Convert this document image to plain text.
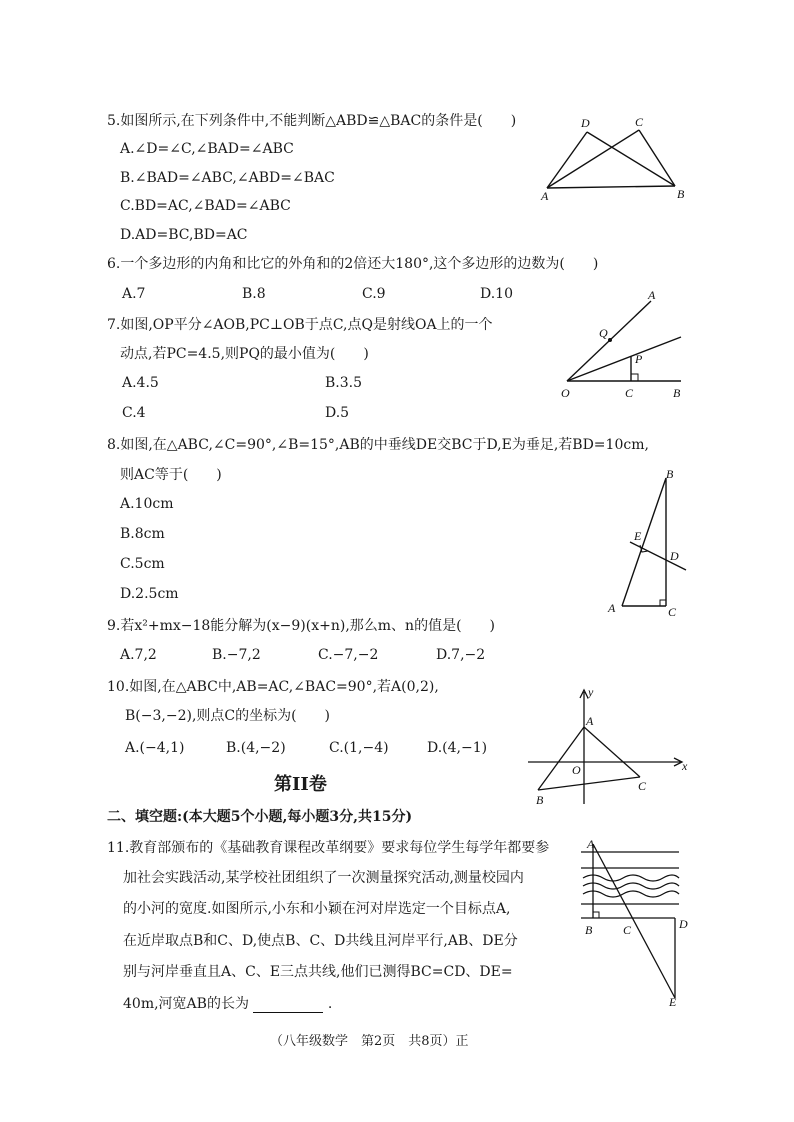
5.如图所示,在下列条件中,不能判断△ABD≌△BAC的条件是(　　)
A.∠D=∠C,∠BAD=∠ABC
B.∠BAD=∠ABC,∠ABD=∠BAC
C.BD=AC,∠BAD=∠ABC
D.AD=BC,BD=AC
D	C
A	B
6.一个多边形的内角和比它的外角和的2倍还大180°,这个多边形的边数为(　　)
A.7	B.8	C.9	D.10
7.如图,OP平分∠AOB,PC⊥OB于点C,点Q是射线OA上的一个
动点,若PC=4.5,则PQ的最小值为(　　)
A.4.5	B.3.5
C.4	D.5
A
Q
P
O	C	B
8.如图,在△ABC,∠C=90°,∠B=15°,AB的中垂线DE交BC于D,E为垂足,若BD=10cm,
则AC等于(　　)
A.10cm
B.8cm
C.5cm
D.2.5cm
B
E
D
A	C
9.若x²+mx−18能分解为(x−9)(x+n),那么m、n的值是(　　)
A.7,2	B.−7,2	C.−7,−2	D.7,−2
10.如图,在△ABC中,AB=AC,∠BAC=90°,若A(0,2),
B(−3,−2),则点C的坐标为(　　)
A.(−4,1)	B.(4,−2)	C.(1,−4)	D.(4,−1)
y
x
A
O
B
C
第II卷
二、填空题:(本大题5个小题,每小题3分,共15分)
11.教育部颁布的《基础教育课程改革纲要》要求每位学生每学年都要参
加社会实践活动,某学校社团组织了一次测量探究活动,测量校园内
的小河的宽度.如图所示,小东和小颖在河对岸选定一个目标点A,
在近岸取点B和C、D,使点B、C、D共线且河岸平行,AB、DE分
别与河岸垂直且A、C、E三点共线,他们已测得BC=CD、DE=
40m,河宽AB的长为	.
A
B	C	D
E
（八年级数学　第2页　共8页）正
